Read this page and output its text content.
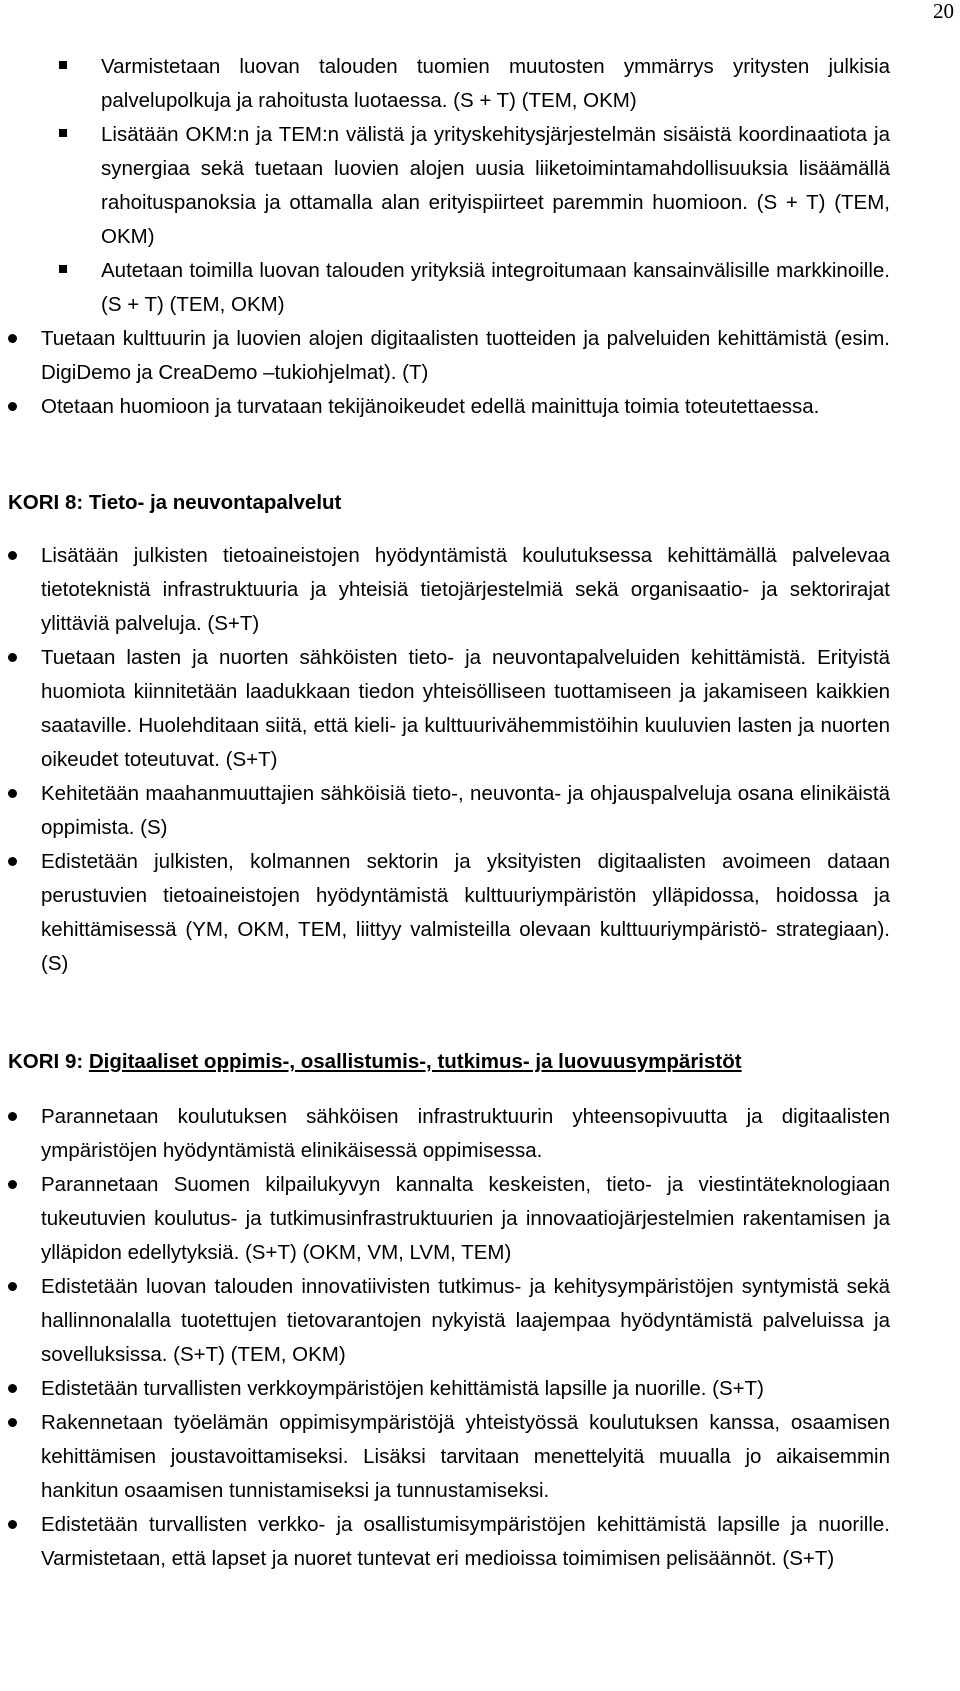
20
Varmistetaan luovan talouden tuomien muutosten ymmärrys yritysten julkisia palvelupolkuja ja rahoitusta luotaessa. (S + T) (TEM, OKM)
Lisätään OKM:n ja TEM:n välistä ja yrityskehitysjärjestelmän sisäistä koordinaatiota ja synergiaa sekä tuetaan luovien alojen uusia liiketoimintamahdollisuuksia lisäämällä rahoituspanoksia ja ottamalla alan erityispiirteet paremmin huomioon. (S + T) (TEM, OKM)
Autetaan toimilla luovan talouden yrityksiä integroitumaan kansainvälisille markkinoille. (S + T) (TEM, OKM)
Tuetaan kulttuurin ja luovien alojen digitaalisten tuotteiden ja palveluiden kehittämistä (esim. DigiDemo ja CreaDemo –tukiohjelmat). (T)
Otetaan huomioon ja turvataan tekijänoikeudet edellä mainittuja toimia toteutettaessa.

KORI 8: Tieto- ja neuvontapalvelut

Lisätään julkisten tietoaineistojen hyödyntämistä koulutuksessa kehittämällä palvelevaa tietoteknistä infrastruktuuria ja yhteisiä tietojärjestelmiä sekä organisaatio- ja sektorirajat ylittäviä palveluja. (S+T)
Tuetaan lasten ja nuorten sähköisten tieto- ja neuvontapalveluiden kehittämistä. Erityistä huomiota kiinnitetään laadukkaan tiedon yhteisölliseen tuottamiseen ja jakamiseen kaikkien saataville. Huolehditaan siitä, että kieli- ja kulttuurivähemmistöihin kuuluvien lasten ja nuorten oikeudet toteutuvat. (S+T)
Kehitetään maahanmuuttajien sähköisiä tieto-, neuvonta- ja ohjauspalveluja osana elinikäistä oppimista. (S)
Edistetään julkisten, kolmannen sektorin ja yksityisten digitaalisten avoimeen dataan perustuvien tietoaineistojen hyödyntämistä kulttuuriympäristön ylläpidossa, hoidossa ja kehittämisessä (YM, OKM, TEM, liittyy valmisteilla olevaan kulttuuriympäristö- strategiaan). (S)

KORI 9: Digitaaliset oppimis-, osallistumis-, tutkimus- ja luovuusympäristöt

Parannetaan koulutuksen sähköisen infrastruktuurin yhteensopivuutta ja digitaalisten ympäristöjen hyödyntämistä elinikäisessä oppimisessa.
Parannetaan Suomen kilpailukyvyn kannalta keskeisten, tieto- ja viestintäteknologiaan tukeutuvien koulutus- ja tutkimusinfrastruktuurien ja innovaatiojärjestelmien rakentamisen ja ylläpidon edellytyksiä. (S+T) (OKM, VM, LVM, TEM)
Edistetään luovan talouden innovatiivisten tutkimus- ja kehitysympäristöjen syntymistä sekä hallinnonalalla tuotettujen tietovarantojen nykyistä laajempaa hyödyntämistä palveluissa ja sovelluksissa. (S+T) (TEM, OKM)
Edistetään turvallisten verkkoympäristöjen kehittämistä lapsille ja nuorille. (S+T)
Rakennetaan työelämän oppimisympäristöjä yhteistyössä koulutuksen kanssa, osaamisen kehittämisen joustavoittamiseksi. Lisäksi tarvitaan menettelyitä muualla jo aikaisemmin hankitun osaamisen tunnistamiseksi ja tunnustamiseksi.
Edistetään turvallisten verkko- ja osallistumisympäristöjen kehittämistä lapsille ja nuorille. Varmistetaan, että lapset ja nuoret tuntevat eri medioissa toimimisen pelisäännöt. (S+T)
